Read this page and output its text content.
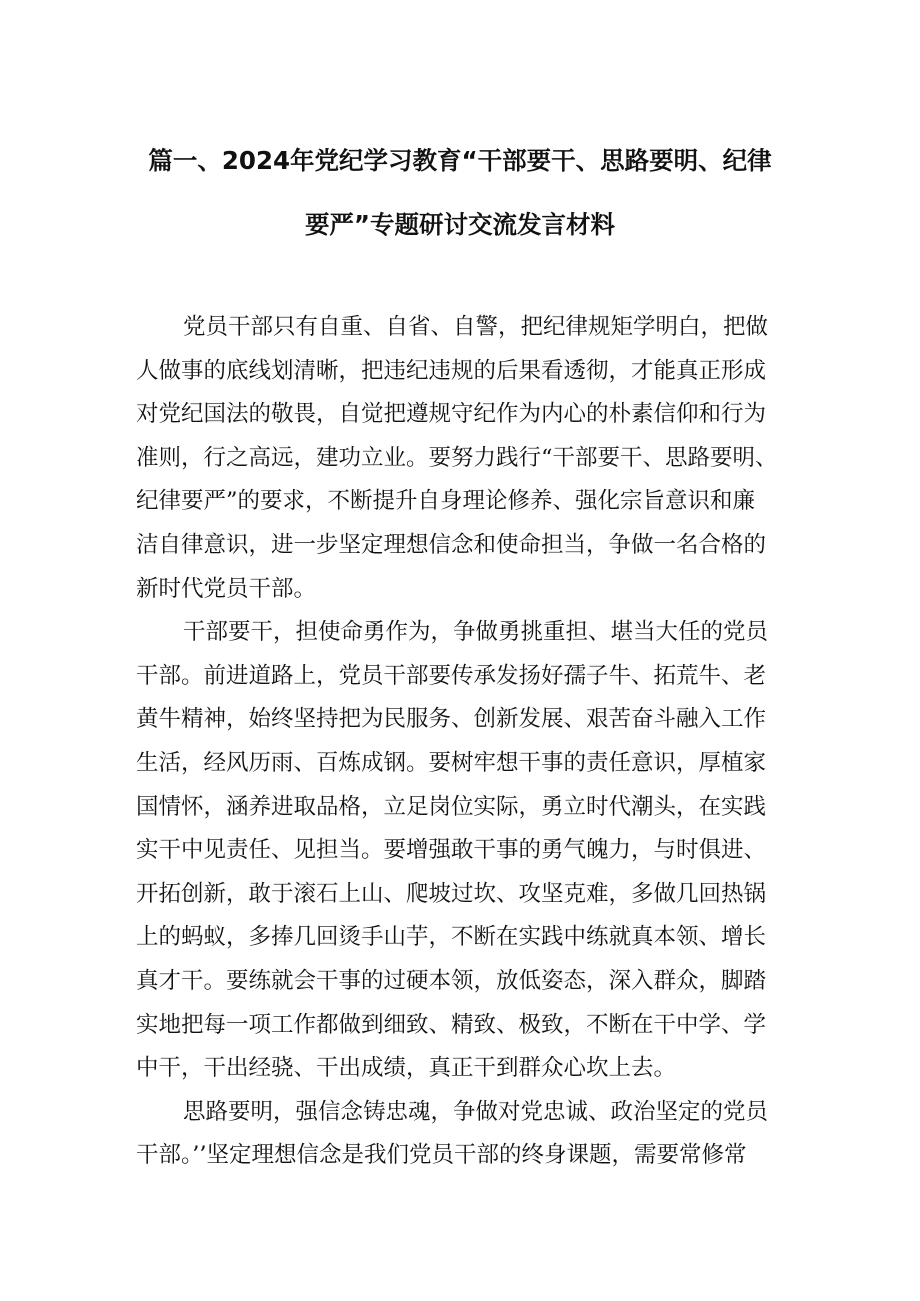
篇一、2024年党纪学习教育“干部要干、思路要明、纪律
要严”专题研讨交流发言材料
党员干部只有自重、自省、自警，把纪律规矩学明白，把做
人做事的底线划清晰，把违纪违规的后果看透彻，才能真正形成
对党纪国法的敬畏，自觉把遵规守纪作为内心的朴素信仰和行为
准则，行之高远，建功立业。要努力践行“干部要干、思路要明、
纪律要严”的要求，不断提升自身理论修养、强化宗旨意识和廉
洁自律意识，进一步坚定理想信念和使命担当，争做一名合格的
新时代党员干部。
干部要干，担使命勇作为，争做勇挑重担、堪当大任的党员
干部。前进道路上，党员干部要传承发扬好孺子牛、拓荒牛、老
黄牛精神，始终坚持把为民服务、创新发展、艰苦奋斗融入工作
生活，经风历雨、百炼成钢。要树牢想干事的责任意识，厚植家
国情怀，涵养进取品格，立足岗位实际，勇立时代潮头，在实践
实干中见责任、见担当。要增强敢干事的勇气魄力，与时俱进、
开拓创新，敢于滚石上山、爬坡过坎、攻坚克难，多做几回热锅
上的蚂蚁，多捧几回烫手山芋，不断在实践中练就真本领、增长
真才干。要练就会干事的过硬本领，放低姿态，深入群众，脚踏
实地把每一项工作都做到细致、精致、极致，不断在干中学、学
中干，干出经骁、干出成绩，真正干到群众心坎上去。
思路要明，强信念铸忠魂，争做对党忠诚、政治坚定的党员
干部。’’坚定理想信念是我们党员干部的终身课题，需要常修常
